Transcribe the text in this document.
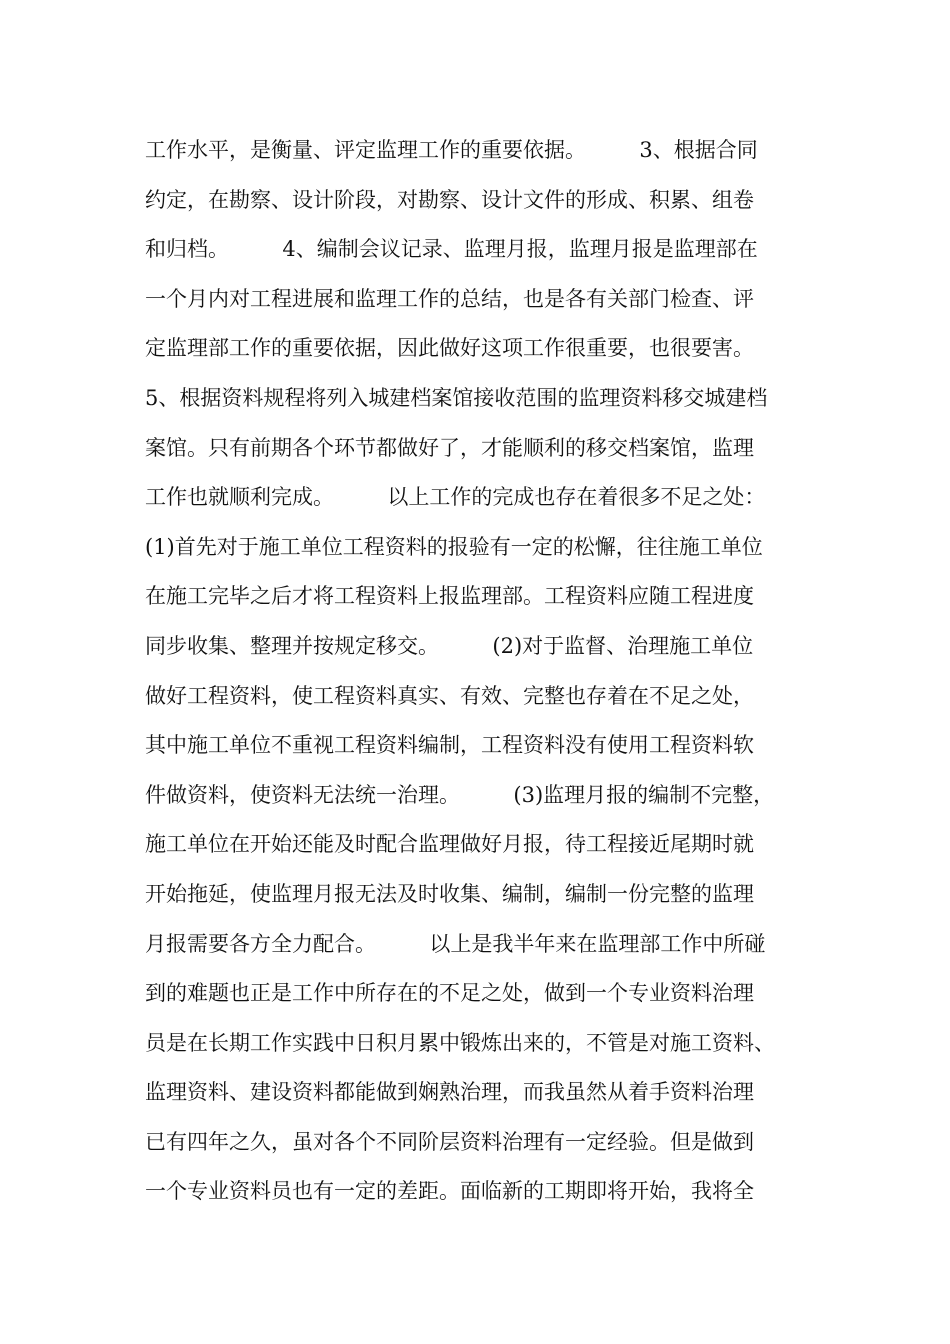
工作水平，是衡量、评定监理工作的重要依据。        3、根据合同
约定，在勘察、设计阶段，对勘察、设计文件的形成、积累、组卷
和归档。        4、编制会议记录、监理月报，监理月报是监理部在
一个月内对工程进展和监理工作的总结，也是各有关部门检查、评
定监理部工作的重要依据，因此做好这项工作很重要，也很要害。
5、根据资料规程将列入城建档案馆接收范围的监理资料移交城建档
案馆。只有前期各个环节都做好了，才能顺利的移交档案馆，监理
工作也就顺利完成。        以上工作的完成也存在着很多不足之处：
(1)首先对于施工单位工程资料的报验有一定的松懈，往往施工单位
在施工完毕之后才将工程资料上报监理部。工程资料应随工程进度
同步收集、整理并按规定移交。        (2)对于监督、治理施工单位
做好工程资料，使工程资料真实、有效、完整也存着在不足之处，
其中施工单位不重视工程资料编制，工程资料没有使用工程资料软
件做资料，使资料无法统一治理。        (3)监理月报的编制不完整，
施工单位在开始还能及时配合监理做好月报，待工程接近尾期时就
开始拖延，使监理月报无法及时收集、编制，编制一份完整的监理
月报需要各方全力配合。        以上是我半年来在监理部工作中所碰
到的难题也正是工作中所存在的不足之处，做到一个专业资料治理
员是在长期工作实践中日积月累中锻炼出来的，不管是对施工资料、
监理资料、建设资料都能做到娴熟治理，而我虽然从着手资料治理
已有四年之久，虽对各个不同阶层资料治理有一定经验。但是做到
一个专业资料员也有一定的差距。面临新的工期即将开始，我将全
